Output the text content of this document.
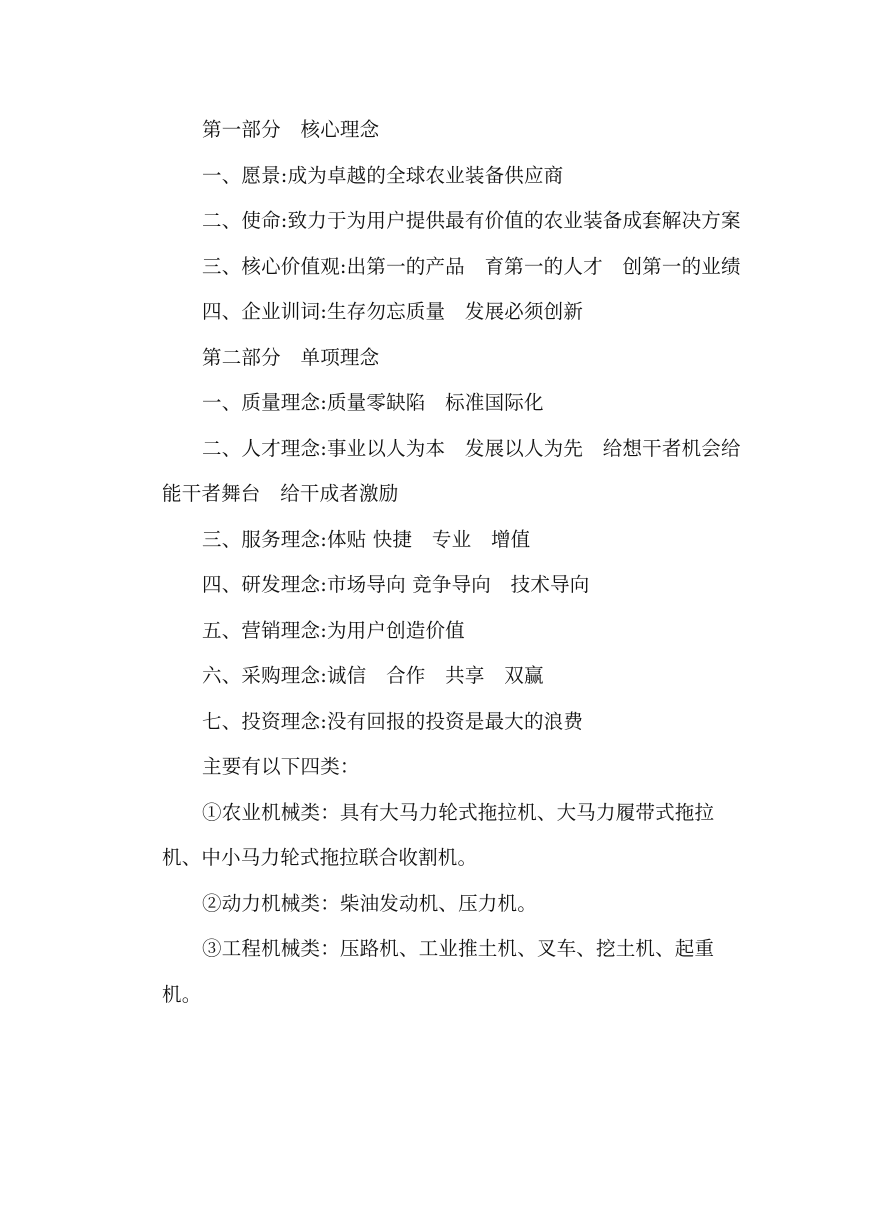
第一部分　核心理念

一、愿景:成为卓越的全球农业装备供应商

二、使命:致力于为用户提供最有价值的农业装备成套解决方案

三、核心价值观:出第一的产品　育第一的人才　创第一的业绩

四、企业训词:生存勿忘质量　发展必须创新

第二部分　单项理念

一、质量理念:质量零缺陷　标准国际化

二、人才理念:事业以人为本　发展以人为先　给想干者机会给能干者舞台　给干成者激励

三、服务理念:体贴 快捷　专业　增值

四、研发理念:市场导向 竞争导向　技术导向

五、营销理念:为用户创造价值

六、采购理念:诚信　合作　共享　双赢

七、投资理念:没有回报的投资是最大的浪费

主要有以下四类：

①农业机械类：具有大马力轮式拖拉机、大马力履带式拖拉机、中小马力轮式拖拉联合收割机。

②动力机械类：柴油发动机、压力机。

③工程机械类：压路机、工业推土机、叉车、挖土机、起重机。
